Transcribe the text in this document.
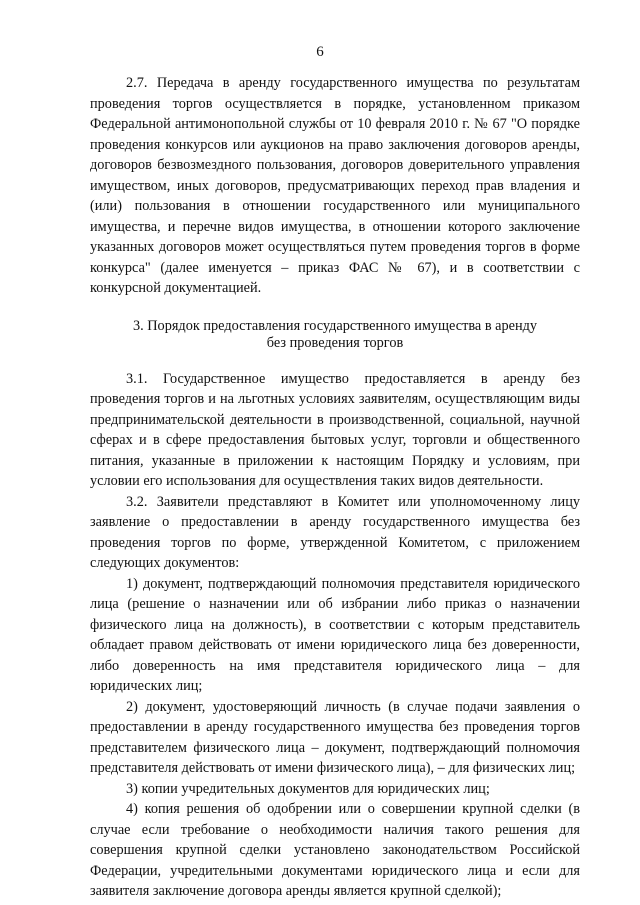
6

2.7. Передача в аренду государственного имущества по результатам проведения торгов осуществляется в порядке, установленном приказом Федеральной антимонопольной службы от 10 февраля 2010 г. № 67 "О порядке проведения конкурсов или аукционов на право заключения договоров аренды, договоров безвозмездного пользования, договоров доверительного управления имуществом, иных договоров, предусматривающих переход прав владения и (или) пользования в отношении государственного или муниципального имущества, и перечне видов имущества, в отношении которого заключение указанных договоров может осуществляться путем проведения торгов в форме конкурса" (далее именуется – приказ ФАС № 67), и в соответствии с конкурсной документацией.

3. Порядок предоставления государственного имущества в аренду
без проведения торгов

3.1. Государственное имущество предоставляется в аренду без проведения торгов и на льготных условиях заявителям, осуществляющим виды предпринимательской деятельности в производственной, социальной, научной сферах и в сфере предоставления бытовых услуг, торговли и общественного питания, указанные в приложении к настоящим Порядку и условиям, при условии его использования для осуществления таких видов деятельности.

3.2. Заявители представляют в Комитет или уполномоченному лицу заявление о предоставлении в аренду государственного имущества без проведения торгов по форме, утвержденной Комитетом, с приложением следующих документов:

1) документ, подтверждающий полномочия представителя юридического лица (решение о назначении или об избрании либо приказ о назначении физического лица на должность), в соответствии с которым представитель обладает правом действовать от имени юридического лица без доверенности, либо доверенность на имя представителя юридического лица – для юридических лиц;

2) документ, удостоверяющий личность (в случае подачи заявления о предоставлении в аренду государственного имущества без проведения торгов представителем физического лица – документ, подтверждающий полномочия представителя действовать от имени физического лица), – для физических лиц;

3) копии учредительных документов для юридических лиц;

4) копия решения об одобрении или о совершении крупной сделки (в случае если требование о необходимости наличия такого решения для совершения крупной сделки установлено законодательством Российской Федерации, учредительными документами юридического лица и если для заявителя заключение договора аренды является крупной сделкой);
